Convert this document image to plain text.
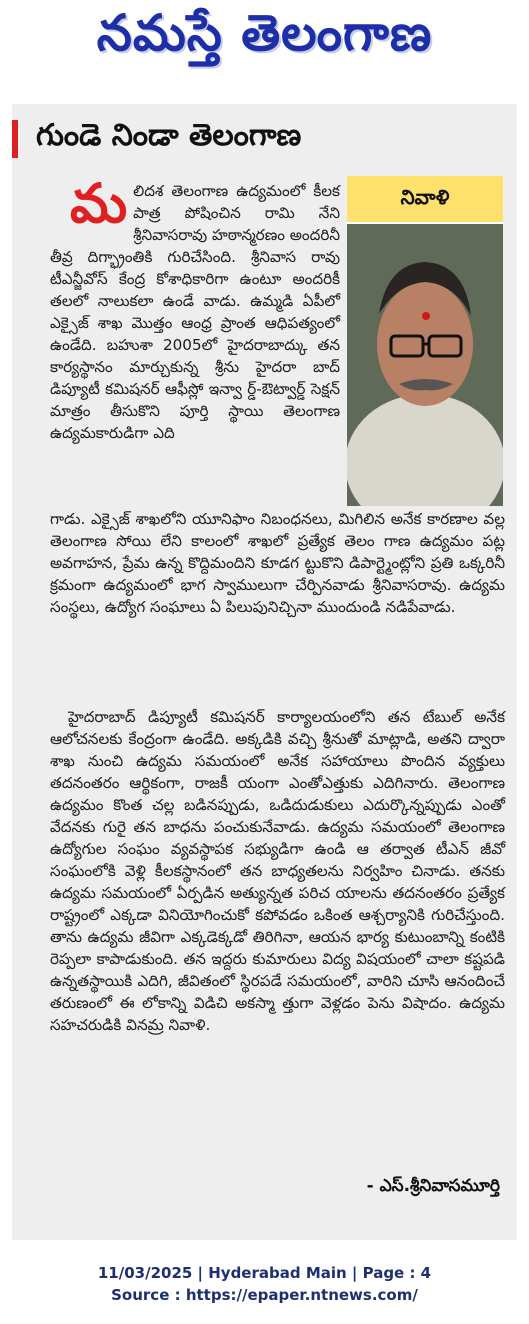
నమస్తే తెలంగాణ
గుండె నిండా తెలంగాణ
నివాళి
మ లిదశ తెలంగాణ ఉద్యమంలో కీలక పాత్ర పోషించిన రామి నేని శ్రీనివాసరావు హఠాన్మరణం అందరినీ తీవ్ర దిగ్భ్రాంతికి గురిచేసింది. శ్రీనివాస రావు టీఎన్జీవోస్ కేంద్ర కోశాధికారిగా ఉంటూ అందరికీ తలలో నాలుకలా ఉండే వాడు. ఉమ్మడి ఏపీలో ఎక్సైజ్ శాఖ మొత్తం ఆంధ్ర ప్రాంత ఆధిపత్యంలో ఉండేది. బహుశా 2005లో హైదరాబాద్కు తన కార్యస్థానం మార్చుకున్న శ్రీను హైదరా బాద్ డిప్యూటీ కమిషనర్ ఆఫీస్లో ఇన్వా ర్డ్-ఔట్వార్డ్ సెక్షన్ మాత్రం తీసుకొని పూర్తి స్థాయి తెలంగాణ ఉద్యమకారుడిగా ఎది
గాడు. ఎక్సైజ్ శాఖలోని యూనిఫాం నిబంధనలు, మిగిలిన అనేక కారణాల వల్ల తెలంగాణ సోయి లేని కాలంలో శాఖలో ప్రత్యేక తెలం గాణ ఉద్యమం పట్ల అవగాహన, ప్రేమ ఉన్న కొద్దిమందిని కూడగ ట్టుకొని డిపార్ట్మెంట్లోని ప్రతి ఒక్కరినీ క్రమంగా ఉద్యమంలో భాగ స్వాములుగా చేర్పినవాడు శ్రీనివాసరావు. ఉద్యమ సంస్థలు, ఉద్యోగ సంఘాలు ఏ పిలుపునిచ్చినా ముందుండి నడిపేవాడు.
హైదరాబాద్ డిప్యూటీ కమిషనర్ కార్యాలయంలోని తన టేబుల్ అనేక ఆలోచనలకు కేంద్రంగా ఉండేది. అక్కడికి వచ్చి శ్రీనుతో మాట్లాడి, అతని ద్వారా శాఖ నుంచి ఉద్యమ సమయంలో అనేక సహాయాలు పొందిన వ్యక్తులు తదనంతరం ఆర్థికంగా, రాజకీ యంగా ఎంతోఎత్తుకు ఎదిగినారు. తెలంగాణ ఉద్యమం కొంత చల్ల బడినప్పుడు, ఒడిదుడుకులు ఎదుర్కొన్నప్పుడు ఎంతో వేదనకు గురై తన బాధను పంచుకునేవాడు. ఉద్యమ సమయంలో తెలంగాణ ఉద్యోగుల సంఘం వ్యవస్థాపక సభ్యుడిగా ఉండి ఆ తర్వాత టీఎన్ జీవో సంఘంలోకి వెళ్లి కీలకస్థానంలో తన బాధ్యతలను నిర్వహిం చినాడు. తనకు ఉద్యమ సమయంలో ఏర్పడిన అత్యున్నత పరిచ యాలను తదనంతరం ప్రత్యేక రాష్ట్రంలో ఎక్కడా వినియోగించుకో కపోవడం ఒకింత ఆశ్చర్యానికి గురిచేస్తుంది. తాను ఉద్యమ జీవిగా ఎక్కడెక్కడో తిరిగినా, ఆయన భార్య కుటుంబాన్ని కంటికి రెప్పలా కాపాడుకుంది. తన ఇద్దరు కుమారులు విద్య విషయంలో చాలా కష్టపడి ఉన్నతస్థాయికి ఎదిగి, జీవితంలో స్థిరపడే సమయంలో, వారిని చూసి ఆనందించే తరుణంలో ఈ లోకాన్ని విడిచి అకస్మా త్తుగా వెళ్లడం పెను విషాదం. ఉద్యమ సహచరుడికి వినమ్ర నివాళి.
- ఎస్.శ్రీనివాసమూర్తి
11/03/2025 | Hyderabad Main | Page : 4
Source : https://epaper.ntnews.com/
